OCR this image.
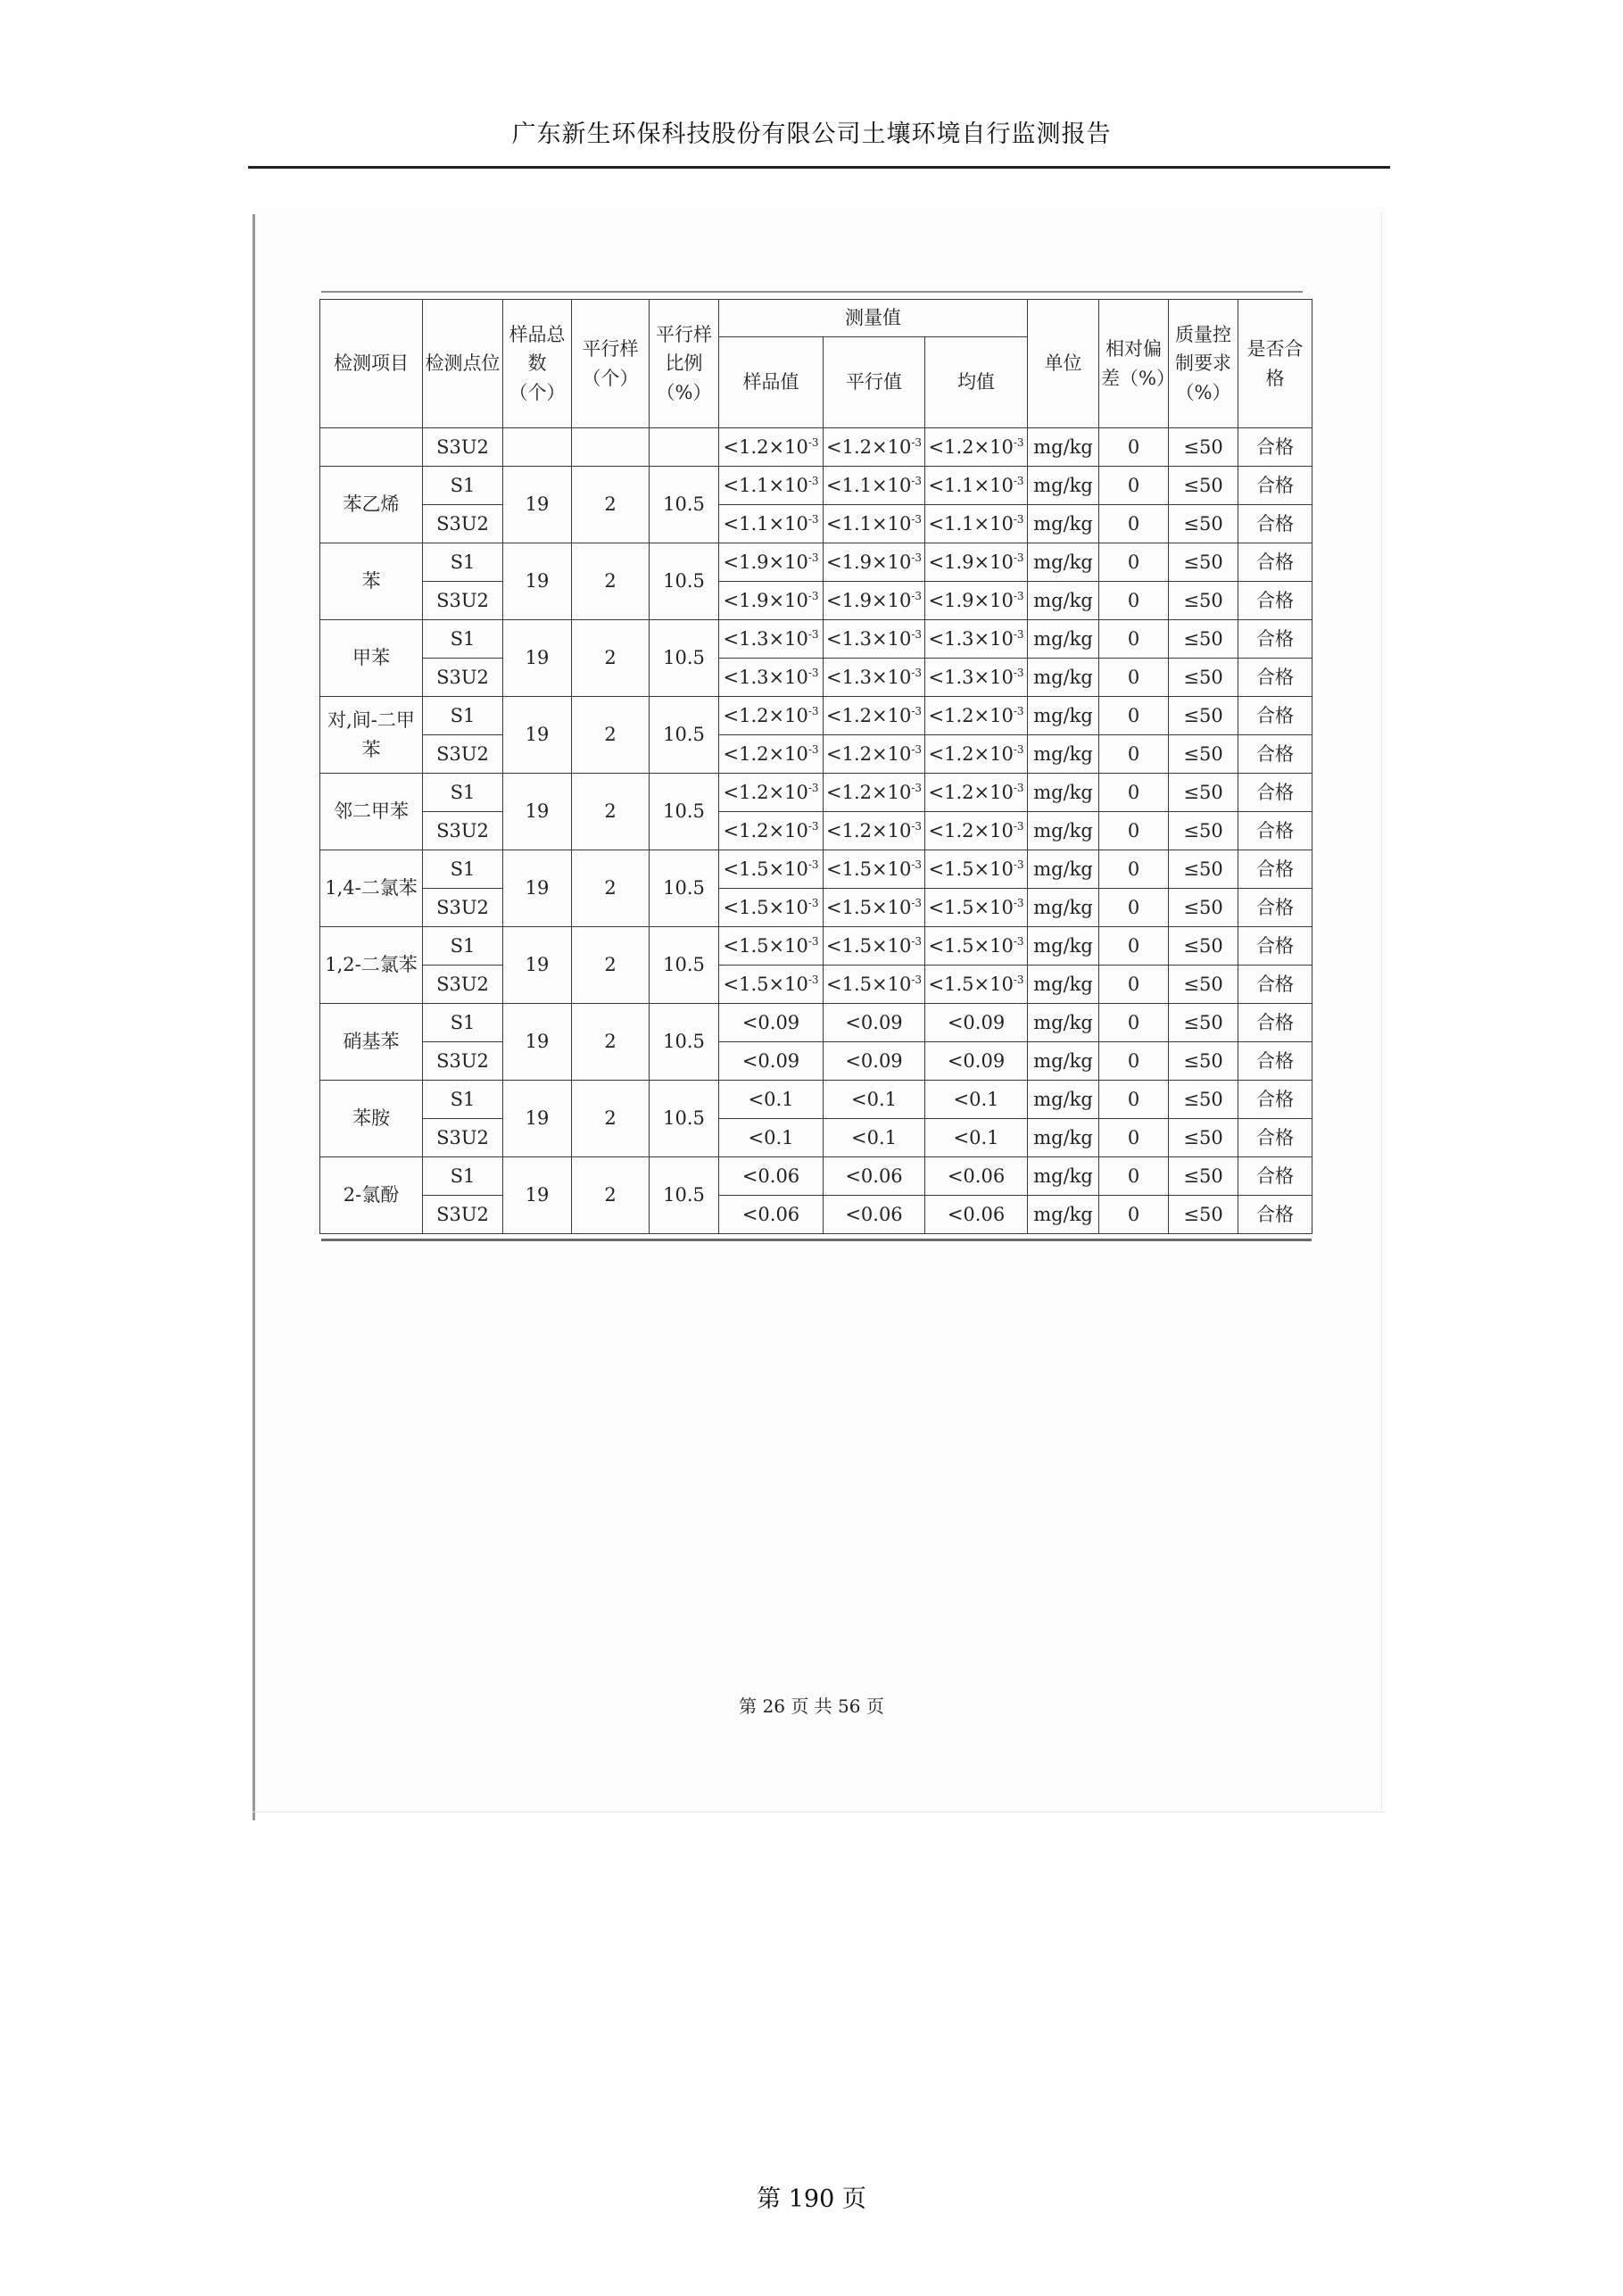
广东新生环保科技股份有限公司土壤环境自行监测报告
检测项目	检测点位	样品总数（个）	平行样（个）	平行样比例（%）	测量值			单位	相对偏差（%）	质量控制要求（%）	是否合格
					样品值	平行值	均值				
	S3U2				$<1.2\times 10^{-3}$	$<1.2\times 10^{-3}$	$<1.2\times 10^{-3}$	mg/kg	0	≤50	合格
苯乙烯	S1	19	2	10.5	$<1.1\times 10^{-3}$	$<1.1\times 10^{-3}$	$<1.1\times 10^{-3}$	mg/kg	0	≤50	合格
	S3U2				$<1.1\times 10^{-3}$	$<1.1\times 10^{-3}$	$<1.1\times 10^{-3}$	mg/kg	0	≤50	合格
苯	S1	19	2	10.5	$<1.9\times 10^{-3}$	$<1.9\times 10^{-3}$	$<1.9\times 10^{-3}$	mg/kg	0	≤50	合格
	S3U2				$<1.9\times 10^{-3}$	$<1.9\times 10^{-3}$	$<1.9\times 10^{-3}$	mg/kg	0	≤50	合格
甲苯	S1	19	2	10.5	$<1.3\times 10^{-3}$	$<1.3\times 10^{-3}$	$<1.3\times 10^{-3}$	mg/kg	0	≤50	合格
	S3U2				$<1.3\times 10^{-3}$	$<1.3\times 10^{-3}$	$<1.3\times 10^{-3}$	mg/kg	0	≤50	合格
对,间-二甲苯	S1	19	2	10.5	$<1.2\times 10^{-3}$	$<1.2\times 10^{-3}$	$<1.2\times 10^{-3}$	mg/kg	0	≤50	合格
	S3U2				$<1.2\times 10^{-3}$	$<1.2\times 10^{-3}$	$<1.2\times 10^{-3}$	mg/kg	0	≤50	合格
邻二甲苯	S1	19	2	10.5	$<1.2\times 10^{-3}$	$<1.2\times 10^{-3}$	$<1.2\times 10^{-3}$	mg/kg	0	≤50	合格
	S3U2				$<1.2\times 10^{-3}$	$<1.2\times 10^{-3}$	$<1.2\times 10^{-3}$	mg/kg	0	≤50	合格
1,4-二氯苯	S1	19	2	10.5	$<1.5\times 10^{-3}$	$<1.5\times 10^{-3}$	$<1.5\times 10^{-3}$	mg/kg	0	≤50	合格
	S3U2				$<1.5\times 10^{-3}$	$<1.5\times 10^{-3}$	$<1.5\times 10^{-3}$	mg/kg	0	≤50	合格
1,2-二氯苯	S1	19	2	10.5	$<1.5\times 10^{-3}$	$<1.5\times 10^{-3}$	$<1.5\times 10^{-3}$	mg/kg	0	≤50	合格
	S3U2				$<1.5\times 10^{-3}$	$<1.5\times 10^{-3}$	$<1.5\times 10^{-3}$	mg/kg	0	≤50	合格
硝基苯	S1	19	2	10.5	<0.09	<0.09	<0.09	mg/kg	0	≤50	合格
	S3U2				<0.09	<0.09	<0.09	mg/kg	0	≤50	合格
苯胺	S1	19	2	10.5	<0.1	<0.1	<0.1	mg/kg	0	≤50	合格
	S3U2				<0.1	<0.1	<0.1	mg/kg	0	≤50	合格
2-氯酚	S1	19	2	10.5	<0.06	<0.06	<0.06	mg/kg	0	≤50	合格
	S3U2				<0.06	<0.06	<0.06	mg/kg	0	≤50	合格
第 26 页 共 56 页
第 190 页
